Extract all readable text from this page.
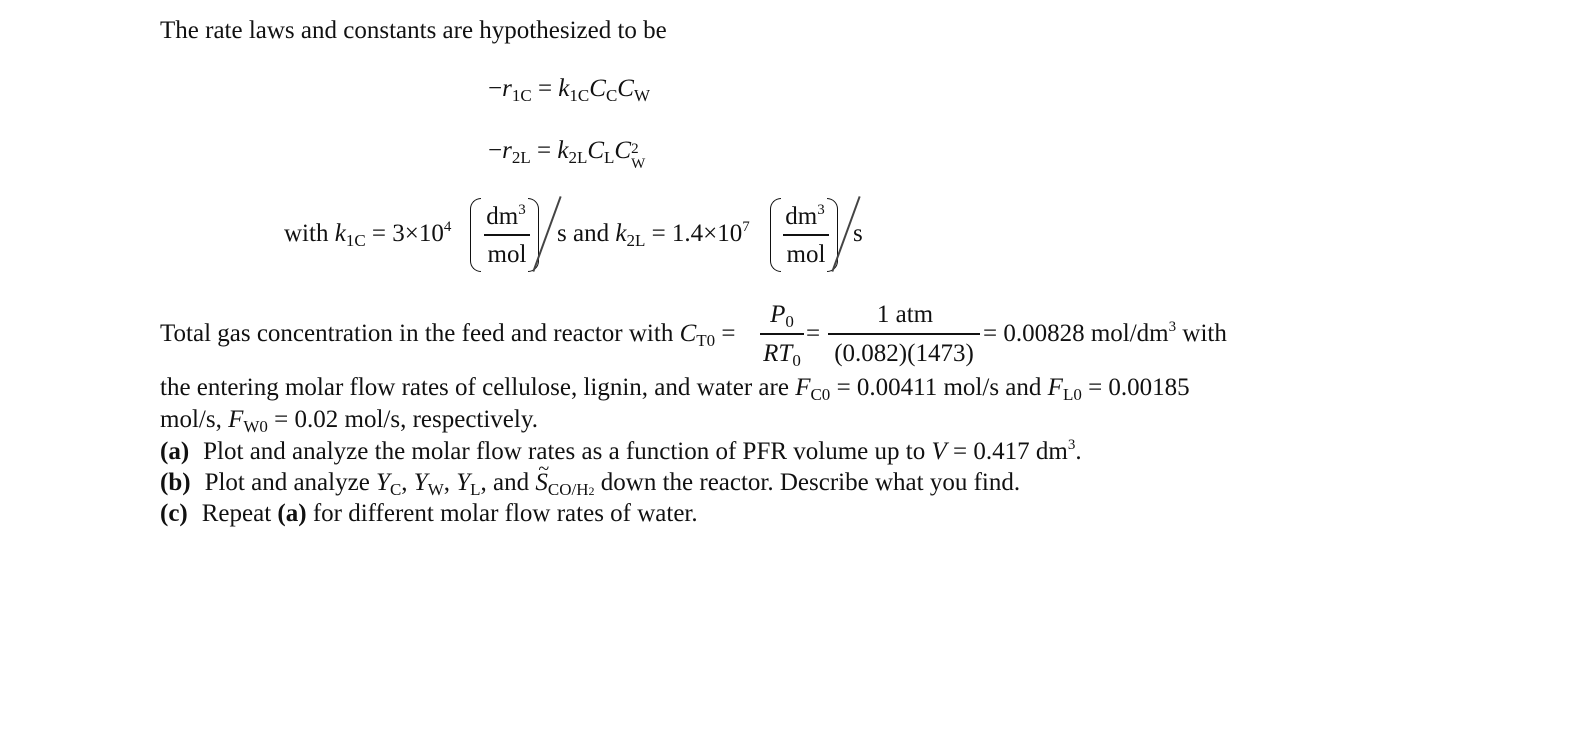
The rate laws and constants are hypothesized to be
$-r_{1C} = k_{1C}C_CC_W$
$-r_{2L} = k_{2L}C_LC$ 2
W
with $k_{1C} = 3\times 10^4$ $dm^3$
mol
s and $k_{2L} = 1.4\times 10^7$ $dm^3$
mol
s
Total gas concentration in the feed and reactor with $C_{T0}$ =
$P_0$
$RT_0$
=
1 atm
(0.082)(1473)
= 0.00828 mol/$dm^3$ with
the entering molar flow rates of cellulose, lignin, and water are $F_{C0} = 0.00411$ mol/s and $F_{L0} = 0.00185$
mol/s, $F_{W0} = 0.02$ mol/s, respectively.
(a) Plot and analyze the molar flow rates as a function of PFR volume up to V = 0.417 $dm^3$.
(b) Plot and analyze $Y_C$, $Y_W$, $Y_L$, and ~ $S_{CO/H2}$ down the reactor. Describe what you find.
(c) Repeat (a) for different molar flow rates of water.
